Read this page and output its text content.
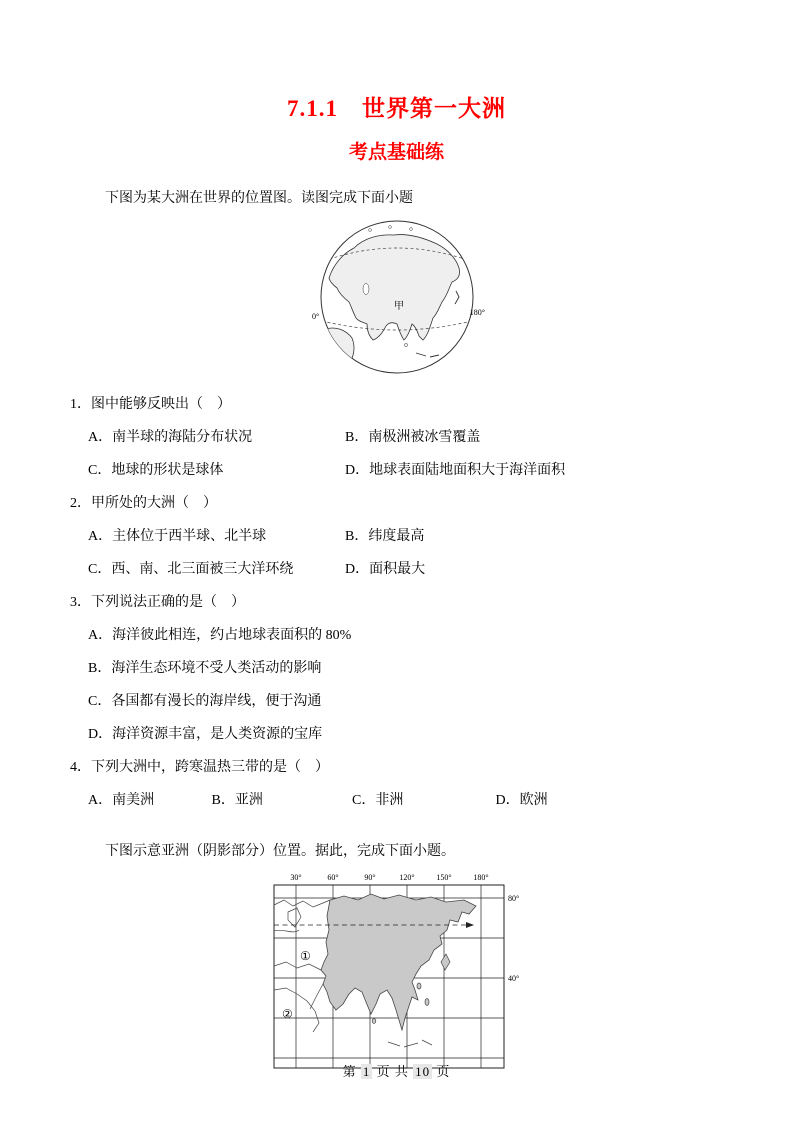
7.1.1　世界第一大洲
考点基础练

下图为某大洲在世界的位置图。读图完成下面小题

0°	180°
甲

1．图中能够反映出（　）

A．南半球的海陆分布状况	B．南极洲被冰雪覆盖
C．地球的形状是球体	D．地球表面陆地面积大于海洋面积

2．甲所处的大洲（　）

A．主体位于西半球、北半球	B．纬度最高
C．西、南、北三面被三大洋环绕	D．面积最大

3．下列说法正确的是（　）

A．海洋彼此相连，约占地球表面积的 80%
B．海洋生态环境不受人类活动的影响
C．各国都有漫长的海岸线，便于沟通
D．海洋资源丰富，是人类资源的宝库

4．下列大洲中，跨寒温热三带的是（　）

A．南美洲	B．亚洲	C．非洲	D．欧洲

下图示意亚洲（阴影部分）位置。据此，完成下面小题。

30°	60°	90°	120°	150°	180°
80°
40°
①
②
第 1 页 共 10 页
